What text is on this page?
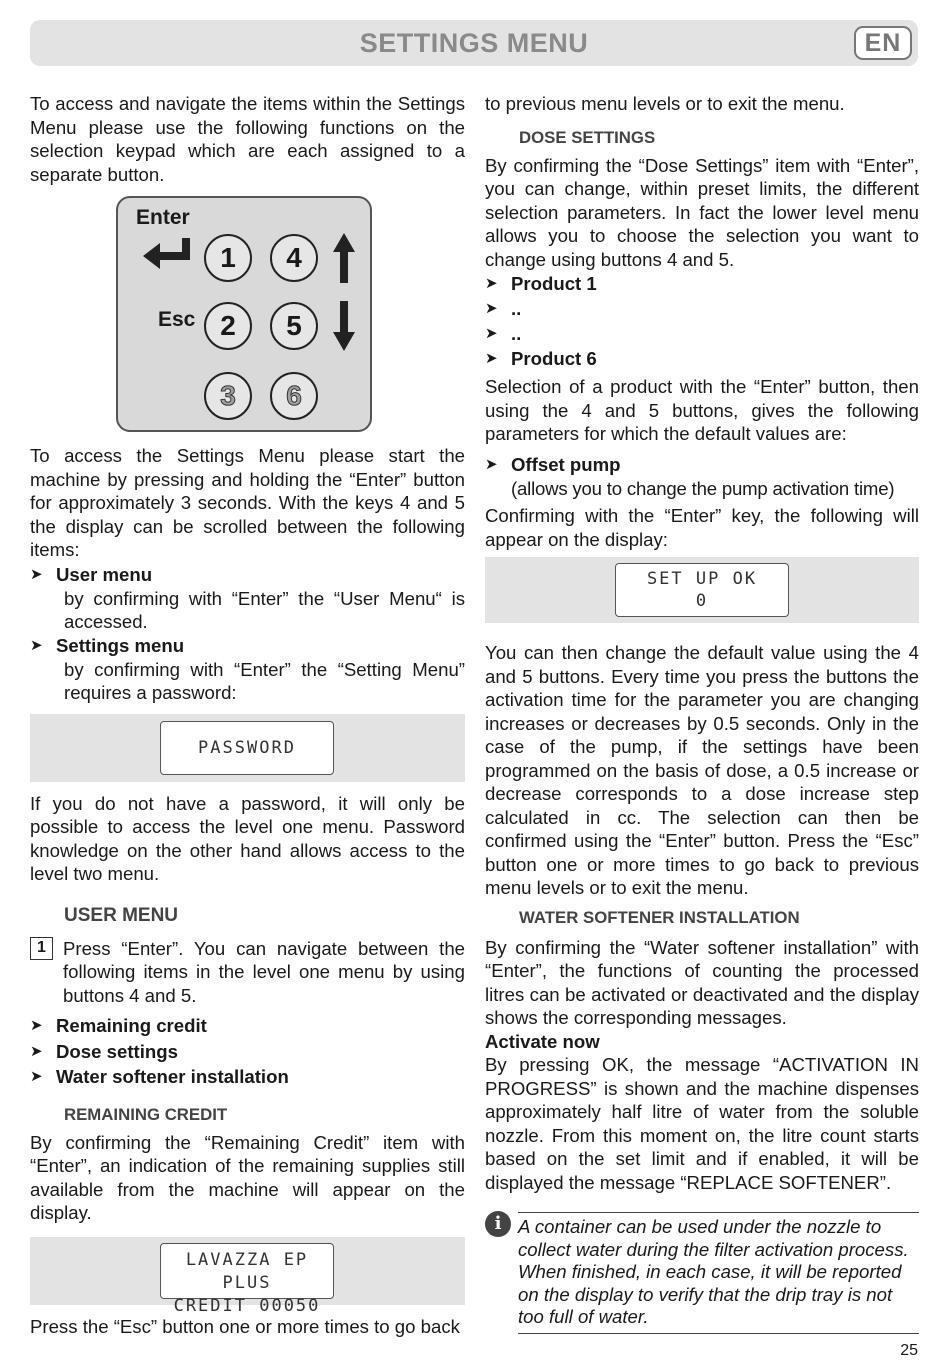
SETTINGS MENU	EN

To access and navigate the items within the Settings Menu please use the following functions on the selection keypad which are each assigned to a separate button.

Enter
Esc
1	4
2	5
3	6

To access the Settings Menu please start the machine by pressing and holding the “Enter” button for approximately 3 seconds. With the keys 4 and 5 the display can be scrolled between the following items:

➤ User menu

by confirming with “Enter” the “User Menu“ is accessed.

➤ Settings menu

by confirming with “Enter” the “Setting Menu” requires a password:

PASSWORD

If you do not have a password, it will only be possible to access the level one menu. Password knowledge on the other hand allows access to the level two menu.

USER MENU
1 Press “Enter”. You can navigate between the following items in the level one menu by using buttons 4 and 5.

➤ Remaining credit
➤ Dose settings
➤ Water softener installation
REMAINING CREDIT

By confirming the “Remaining Credit” item with “Enter”, an indication of the remaining supplies still available from the machine will appear on the display.

LAVAZZA EP PLUS
CREDIT 00050

Press the “Esc” button one or more times to go back

to previous menu levels or to exit the menu.

DOSE SETTINGS

By confirming the “Dose Settings” item with “Enter”, you can change, within preset limits, the different selection parameters. In fact the lower level menu allows you to choose the selection you want to change using buttons 4 and 5.

➤ Product 1
➤ ..
➤ ..
➤ Product 6

Selection of a product with the “Enter” button, then using the 4 and 5 buttons, gives the following parameters for which the default values are:

➤ Offset pump

(allows you to change the pump activation time)

Confirming with the “Enter” key, the following will appear on the display:

SET UP OK
0

You can then change the default value using the 4 and 5 buttons. Every time you press the buttons the activation time for the parameter you are changing increases or decreases by 0.5 seconds. Only in the case of the pump, if the settings have been programmed on the basis of dose, a 0.5 increase or decrease corresponds to a dose increase step calculated in cc. The selection can then be confirmed using the “Enter” button. Press the “Esc” button one or more times to go back to previous menu levels or to exit the menu.

WATER SOFTENER INSTALLATION

By confirming the “Water softener installation” with “Enter”, the functions of counting the processed litres can be activated or deactivated and the display shows the corresponding messages.

Activate now

By pressing OK, the message “ACTIVATION IN PROGRESS” is shown and the machine dispenses approximately half litre of water from the soluble nozzle. From this moment on, the litre count starts based on the set limit and if enabled, it will be displayed the message “REPLACE SOFTENER”.

i A container can be used under the nozzle to collect water during the filter activation process. When finished, in each case, it will be reported on the display to verify that the drip tray is not too full of water.

25
